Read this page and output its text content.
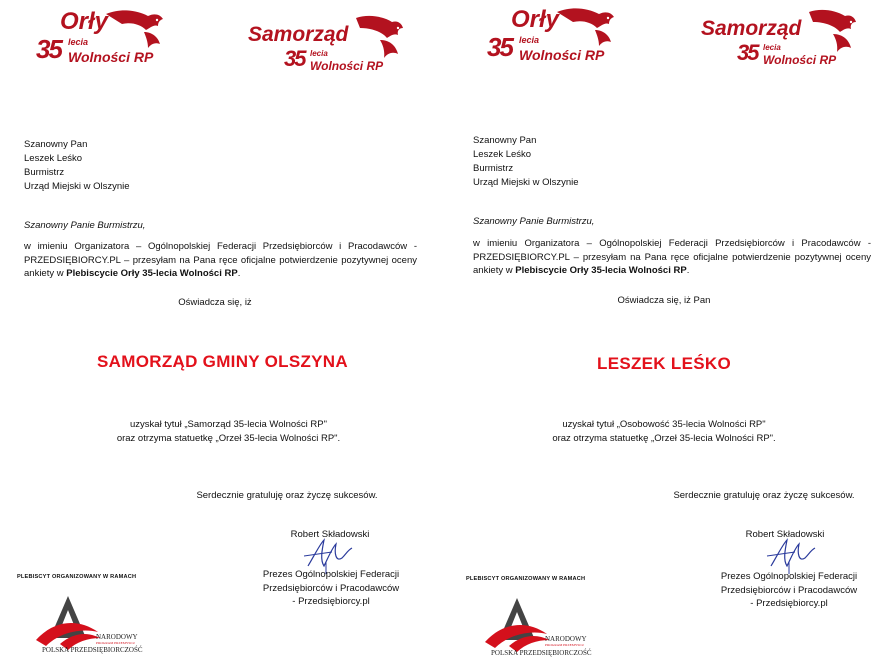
Orły
35 lecia
Wolności RP
Samorząd
35 lecia
Wolności RP
Szanowny Pan
Leszek Leśko
Burmistrz
Urząd Miejski w Olszynie
Szanowny Panie Burmistrzu,
w imieniu Organizatora – Ogólnopolskiej Federacji Przedsiębiorców i Pracodawców - PRZEDSIĘBIORCY.PL – przesyłam na Pana ręce oficjalne potwierdzenie pozytywnej oceny ankiety w Plebiscycie Orły 35-lecia Wolności RP.
Oświadcza się, iż
SAMORZĄD GMINY OLSZYNA
uzyskał tytuł „Samorząd 35-lecia Wolności RP"
oraz otrzyma statuetkę „Orzeł 35-lecia Wolności RP".
Serdecznie gratuluję oraz życzę sukcesów.
Robert Składowski
Prezes Ogólnopolskiej Federacji
Przedsiębiorców i Pracodawców
- Przedsiębiorcy.pl
PLEBISCYT ORGANIZOWANY W RAMACH
NARODOWY
PROGRAM PRZEMYSŁU
POLSKA PRZEDSIĘBIORCZOŚĆ
Orły
35 lecia
Wolności RP
Samorząd
35 lecia
Wolności RP
Szanowny Pan
Leszek Leśko
Burmistrz
Urząd Miejski w Olszynie
Szanowny Panie Burmistrzu,
w imieniu Organizatora – Ogólnopolskiej Federacji Przedsiębiorców i Pracodawców - PRZEDSIĘBIORCY.PL – przesyłam na Pana ręce oficjalne potwierdzenie pozytywnej oceny ankiety w Plebiscycie Orły 35-lecia Wolności RP.
Oświadcza się, iż Pan
LESZEK LEŚKO
uzyskał tytuł „Osobowość 35-lecia Wolności RP"
oraz otrzyma statuetkę „Orzeł 35-lecia Wolności RP".
Serdecznie gratuluję oraz życzę sukcesów.
Robert Składowski
Prezes Ogólnopolskiej Federacji
Przedsiębiorców i Pracodawców
- Przedsiębiorcy.pl
PLEBISCYT ORGANIZOWANY W RAMACH
NARODOWY
PROGRAM PRZEMYSŁU
POLSKA PRZEDSIĘBIORCZOŚĆ
